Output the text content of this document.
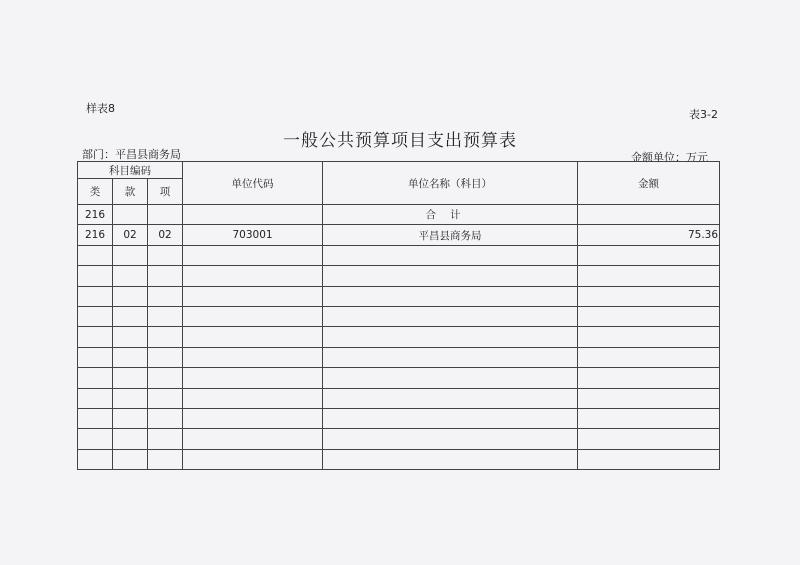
样表8	表3-2
一般公共预算项目支出预算表
部门：平昌县商务局	金额单位：万元
科目编码			单位代码	单位名称（科目）	金额
类	款	项			
216				合计	
216	02	02	703001	平昌县商务局	75.36
